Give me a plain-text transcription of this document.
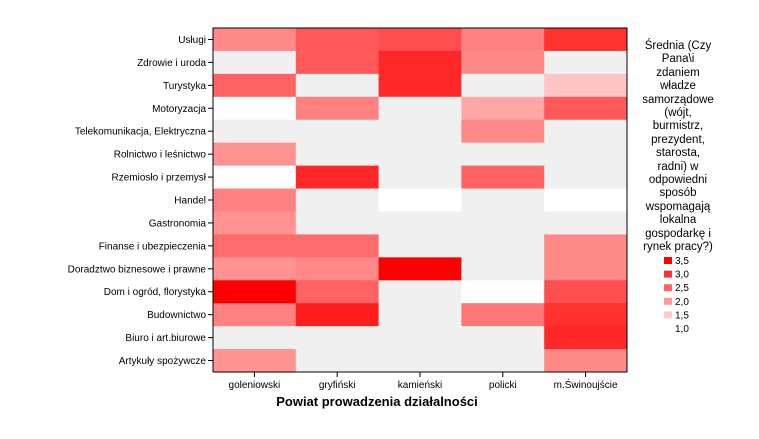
Usługi
Zdrowie i uroda
Turystyka
Motoryzacja
Telekomunikacja, Elektryczna
Rolnictwo i leśnictwo
Rzemiosło i przemysł
Handel
Gastronomia
Finanse i ubezpieczenia
Doradztwo biznesowe i prawne
Dom i ogród, florystyka
Budownictwo
Biuro i art.biurowe
Artykuły spożywcze
goleniowski	gryfiński	kamieński	policki	m.Świnoujście
Powiat prowadzenia działalności
3,5
3,0
2,5
2,0
1,5
1,0
Średnia (Czy
Pana\i
zdaniem
władze
samorządowe
(wójt,
burmistrz,
prezydent,
starosta,
radni) w
odpowiedni
sposób
wspomagają
lokalna
gospodarkę i
rynek pracy?)
